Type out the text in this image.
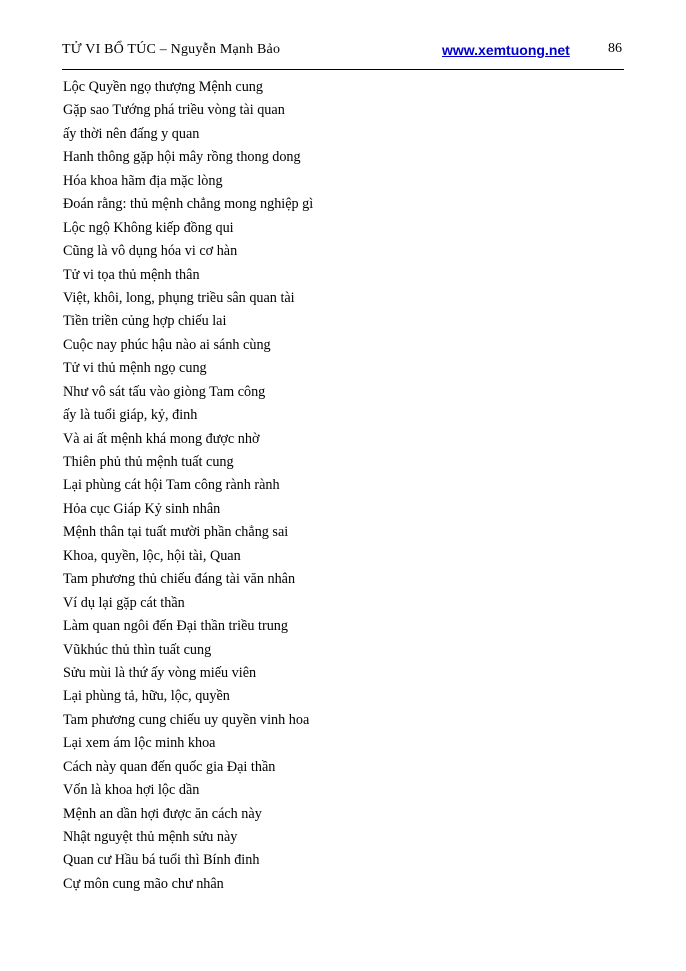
TỬ VI BỔ TÚC – Nguyễn Mạnh Bảo	www.xemtuong.net	86
Lộc Quyền ngọ thượng Mệnh cung
Gặp sao Tướng phá triều vòng tài quan
ấy thời nên đấng y quan
Hanh thông gặp hội mây rồng thong dong
Hóa khoa hãm địa mặc lòng
Đoán rằng: thủ mệnh chẳng mong nghiệp gì
Lộc ngộ Không kiếp đồng qui
Cũng là vô dụng hóa vi cơ hàn
Tử vi tọa thủ mệnh thân
Việt, khôi, long, phụng triều sân quan tài
Tiền triền củng hợp chiếu lai
Cuộc nay phúc hậu nào ai sánh cùng
Tử vi thủ mệnh ngọ cung
Như vô sát tấu vào giòng Tam công
ấy là tuổi giáp, kỷ, đinh
Và ai ất mệnh khá mong được nhờ
Thiên phủ thủ mệnh tuất cung
Lại phùng cát hội Tam công rành rành
Hỏa cục Giáp Kỷ sinh nhân
Mệnh thân tại tuất mười phần chẳng sai
Khoa, quyền, lộc, hội tài, Quan
Tam phương thủ chiếu đáng tài văn nhân
Ví dụ lại gặp cát thần
Làm quan ngôi đến Đại thần triều trung
Vũkhúc thủ thìn tuất cung
Sửu mùi là thứ ấy vòng miếu viên
Lại phùng tả, hữu, lộc, quyền
Tam phương cung chiếu uy quyền vinh hoa
Lại xem ám lộc minh khoa
Cách này quan đến quốc gia Đại thần
Vốn là khoa hợi lộc dần
Mệnh an dần hợi được ăn cách này
Nhật nguyệt thủ mệnh sửu này
Quan cư Hầu bá tuổi thì Bính đinh
Cự môn cung mão chư nhân
